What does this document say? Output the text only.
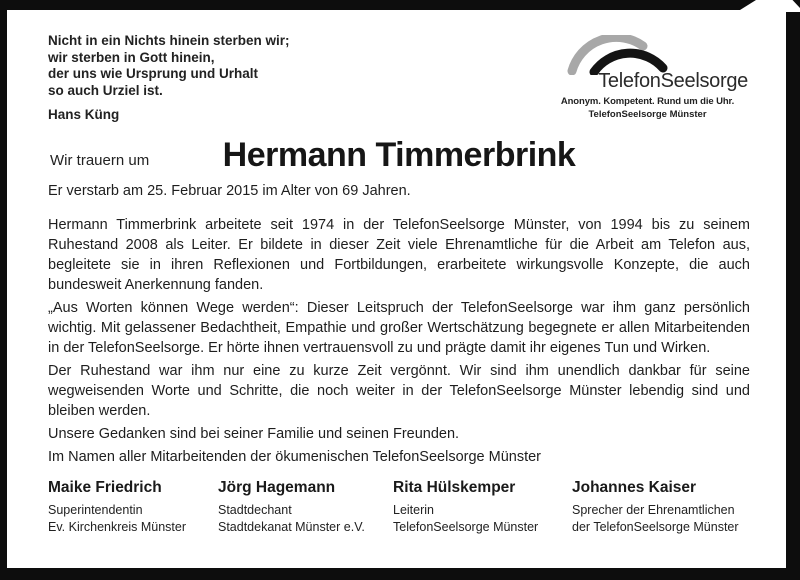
Nicht in ein Nichts hinein sterben wir;
wir sterben in Gott hinein,
der uns wie Ursprung und Urhalt
so auch Urziel ist.
Hans Küng
TelefonSeelsorge
Anonym. Kompetent. Rund um die Uhr.
TelefonSeelsorge Münster
Wir trauern um	Hermann Timmerbrink
Er verstarb am 25. Februar 2015 im Alter von 69 Jahren.

Hermann Timmerbrink arbeitete seit 1974 in der TelefonSeelsorge Münster, von 1994 bis zu seinem Ruhestand 2008 als Leiter. Er bildete in dieser Zeit viele Ehrenamtliche für die Arbeit am Telefon aus, begleitete sie in ihren Reflexionen und Fortbildungen, erarbeitete wirkungsvolle Konzepte, die auch bundesweit Anerkennung fanden.

„Aus Worten können Wege werden“: Dieser Leitspruch der TelefonSeelsorge war ihm ganz persönlich wichtig. Mit gelassener Bedachtheit, Empathie und großer Wertschätzung begegnete er allen Mitarbeitenden in der TelefonSeelsorge. Er hörte ihnen vertrauensvoll zu und prägte damit ihr eigenes Tun und Wirken.

Der Ruhestand war ihm nur eine zu kurze Zeit vergönnt. Wir sind ihm unendlich dankbar für seine wegweisenden Worte und Schritte, die noch weiter in der TelefonSeelsorge Münster lebendig sind und bleiben werden.

Unsere Gedanken sind bei seiner Familie und seinen Freunden.

Im Namen aller Mitarbeitenden der ökumenischen TelefonSeelsorge Münster

Maike Friedrich
Superintendentin
Ev. Kirchenkreis Münster
Jörg Hagemann
Stadtdechant
Stadtdekanat Münster e.V.
Rita Hülskemper
Leiterin
TelefonSeelsorge Münster
Johannes Kaiser
Sprecher der Ehrenamtlichen
der TelefonSeelsorge Münster
